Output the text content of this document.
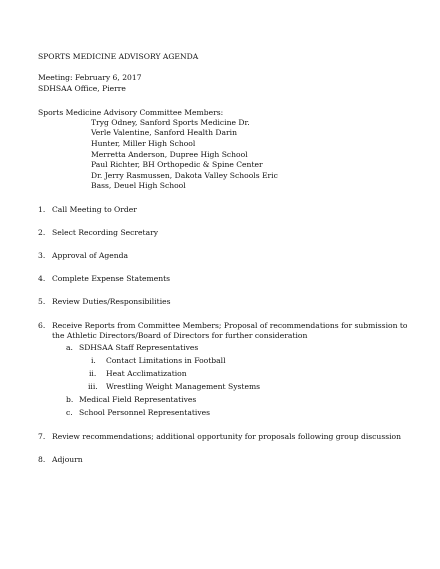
SPORTS MEDICINE ADVISORY AGENDA
Meeting: February 6, 2017
SDHSAA Office, Pierre
Sports Medicine Advisory Committee Members:
Tryg Odney, Sanford Sports Medicine Dr.
Verle Valentine, Sanford Health Darin
Hunter, Miller High School
Merretta Anderson, Dupree High School
Paul Richter, BH Orthopedic & Spine Center
Dr. Jerry Rasmussen, Dakota Valley Schools Eric
Bass, Deuel High School
1. Call Meeting to Order
2. Select Recording Secretary
3. Approval of Agenda
4. Complete Expense Statements
5. Review Duties/Responsibilities
6. Receive Reports from Committee Members; Proposal of recommendations for submission to
the Athletic Directors/Board of Directors for further consideration
a. SDHSAA Staff Representatives
i. Contact Limitations in Football
ii. Heat Acclimatization
iii. Wrestling Weight Management Systems
b. Medical Field Representatives
c. School Personnel Representatives
7. Review recommendations; additional opportunity for proposals following group discussion
8. Adjourn
